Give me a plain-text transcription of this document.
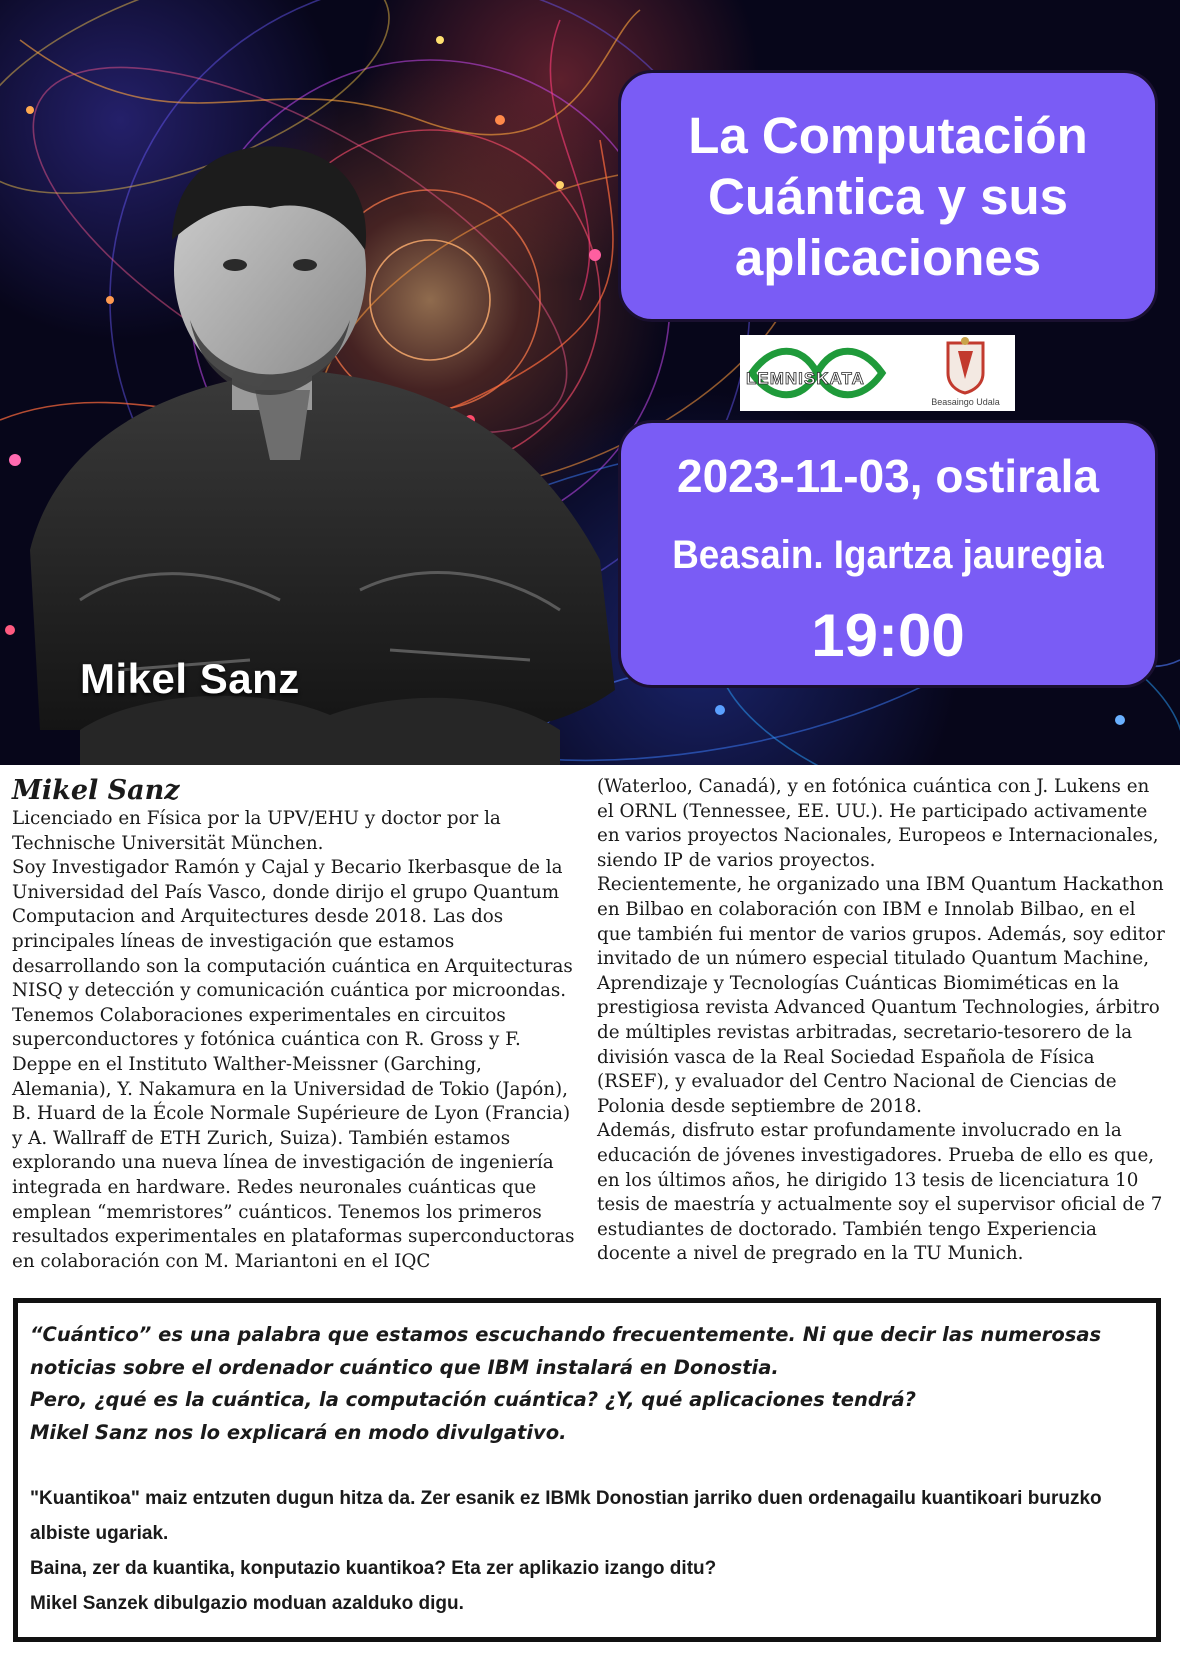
Mikel Sanz
La Computación
Cuántica y sus
aplicaciones
LEMNISKATA
Beasaingo Udala
2023-11-03, ostirala
Beasain. Igartza jauregia
19:00
Mikel Sanz

Licenciado en Física por la UPV/EHU y doctor por la Technische Universität München.

Soy Investigador Ramón y Cajal y Becario Ikerbasque de la Universidad del País Vasco, donde dirijo el grupo Quantum Computacion and Arquitectures desde 2018. Las dos principales líneas de investigación que estamos desarrollando son la computación cuántica en Arquitecturas NISQ y detección y comunicación cuántica por microondas. Tenemos Colaboraciones experimentales en circuitos superconductores y fotónica cuántica con R. Gross y F. Deppe en el Instituto Walther-Meissner (Garching, Alemania), Y. Nakamura en la Universidad de Tokio (Japón), B. Huard de la École Normale Supérieure de Lyon (Francia) y A. Wallraff de ETH Zurich, Suiza). También estamos explorando una nueva línea de investigación de ingeniería integrada en hardware. Redes neuronales cuánticas que emplean “memristores” cuánticos. Tenemos los primeros resultados experimentales en plataformas superconductoras en colaboración con M. Mariantoni en el IQC

(Waterloo, Canadá), y en fotónica cuántica con J. Lukens en el ORNL (Tennessee, EE. UU.). He participado activamente en varios proyectos Nacionales, Europeos e Internacionales, siendo IP de varios proyectos.

Recientemente, he organizado una IBM Quantum Hackathon en Bilbao en colaboración con IBM e Innolab Bilbao, en el que también fui mentor de varios grupos. Además, soy editor invitado de un número especial titulado Quantum Machine, Aprendizaje y Tecnologías Cuánticas Biomiméticas en la prestigiosa revista Advanced Quantum Technologies, árbitro de múltiples revistas arbitradas, secretario-tesorero de la división vasca de la Real Sociedad Española de Física (RSEF), y evaluador del Centro Nacional de Ciencias de Polonia desde septiembre de 2018.

Además, disfruto estar profundamente involucrado en la educación de jóvenes investigadores. Prueba de ello es que, en los últimos años, he dirigido 13 tesis de licenciatura 10 tesis de maestría y actualmente soy el supervisor oficial de 7 estudiantes de doctorado. También tengo Experiencia docente a nivel de pregrado en la TU Munich.

“Cuántico” es una palabra que estamos escuchando frecuentemente. Ni que decir las numerosas noticias sobre el ordenador cuántico que IBM instalará en Donostia.

Pero, ¿qué es la cuántica, la computación cuántica? ¿Y, qué aplicaciones tendrá?

Mikel Sanz nos lo explicará en modo divulgativo.

"Kuantikoa" maiz entzuten dugun hitza da. Zer esanik ez IBMk Donostian jarriko duen ordenagailu kuantikoari buruzko albiste ugariak.

Baina, zer da kuantika, konputazio kuantikoa? Eta zer aplikazio izango ditu?

Mikel Sanzek dibulgazio moduan azalduko digu.
